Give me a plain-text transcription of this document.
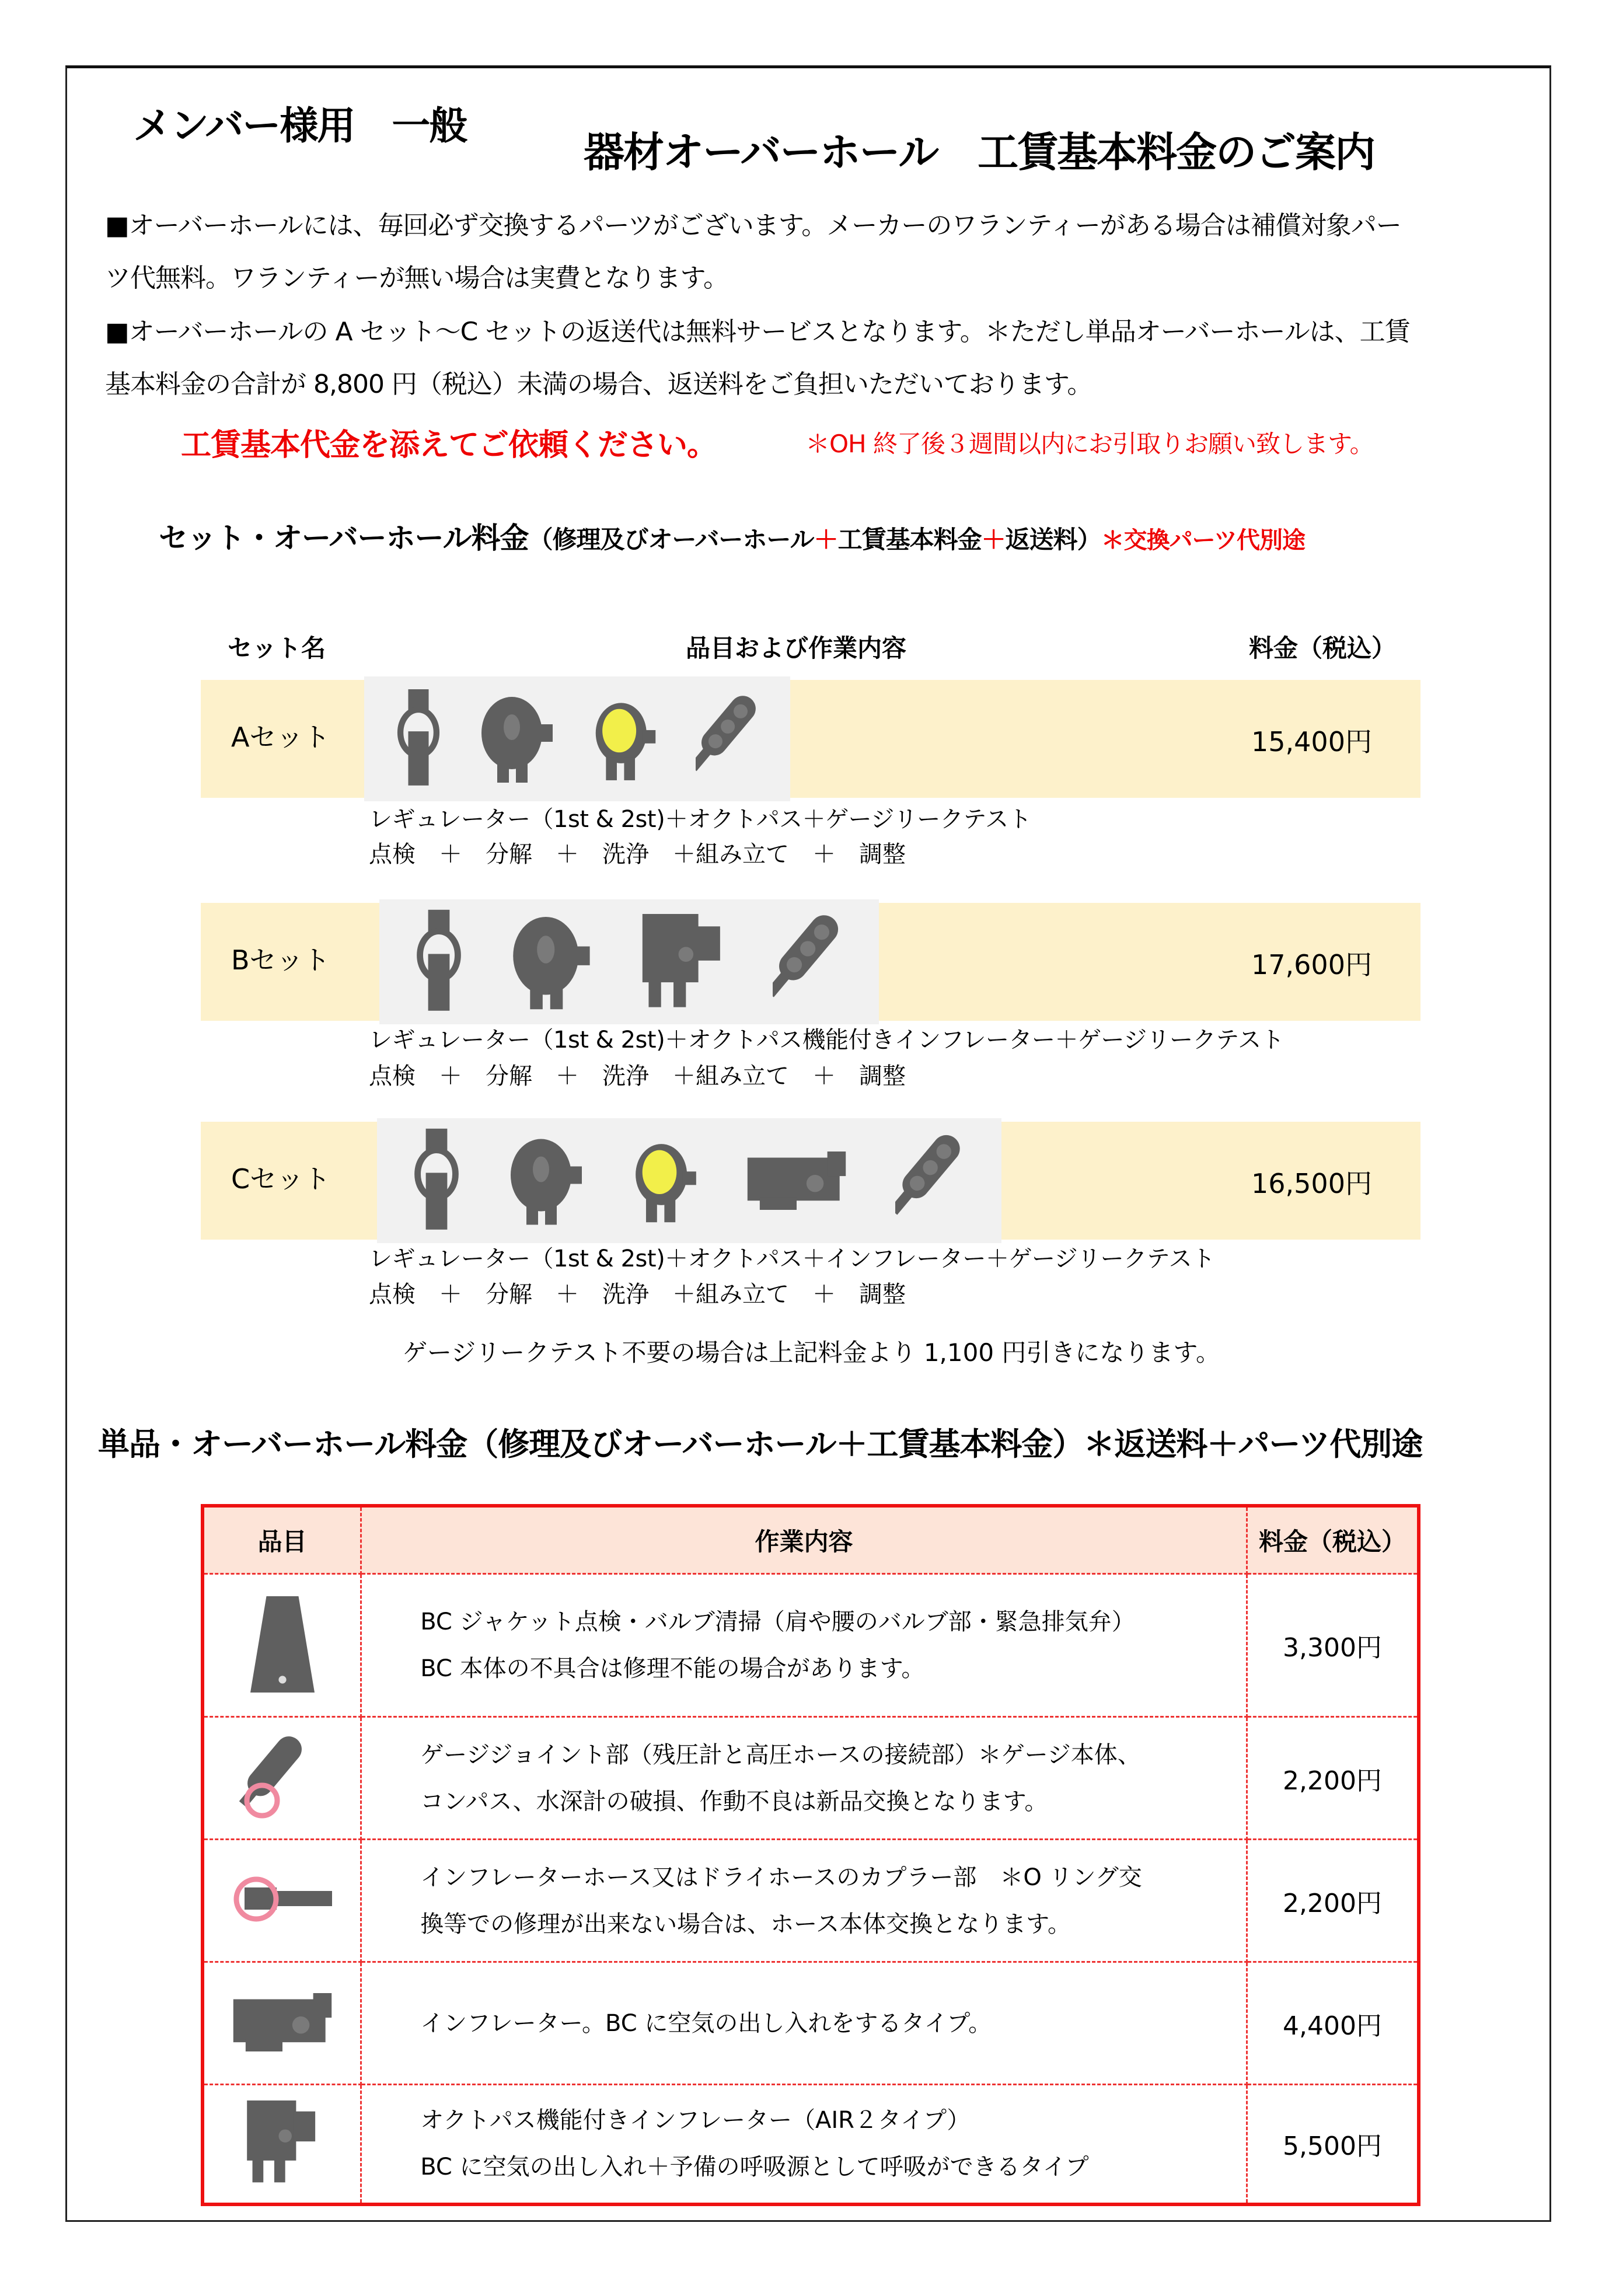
メンバー様用　一般
器材オーバーホール　工賃基本料金のご案内
■オーバーホールには、毎回必ず交換するパーツがございます。メーカーのワランティーがある場合は補償対象パー
ツ代無料。ワランティーが無い場合は実費となります。
■オーバーホールの A セット～C セットの返送代は無料サービスとなります。＊ただし単品オーバーホールは、工賃
基本料金の合計が 8,800 円（税込）未満の場合、返送料をご負担いただいております。
工賃基本代金を添えてご依頼ください。	＊OH 終了後３週間以内にお引取りお願い致します。
セット・オーバーホール料金（修理及びオーバーホール＋工賃基本料金＋返送料）＊交換パーツ代別途
セット名	品目および作業内容	料金（税込）
Aセット	15,400円
レギュレーター（1st & 2st)＋オクトパス＋ゲージリークテスト
点検　＋　分解　＋　洗浄　＋組み立て　＋　調整
Bセット	17,600円
レギュレーター（1st & 2st)＋オクトパス機能付きインフレーター＋ゲージリークテスト
点検　＋　分解　＋　洗浄　＋組み立て　＋　調整
Cセット	16,500円
レギュレーター（1st & 2st)＋オクトパス＋インフレーター＋ゲージリークテスト
点検　＋　分解　＋　洗浄　＋組み立て　＋　調整
ゲージリークテスト不要の場合は上記料金より 1,100 円引きになります。
単品・オーバーホール料金（修理及びオーバーホール＋工賃基本料金）＊返送料＋パーツ代別途
品目	作業内容	料金（税込）

BC ジャケット点検・バルブ清掃（肩や腰のバルブ部・緊急排気弁）
BC 本体の不具合は修理不能の場合があります。	3,300円

ゲージジョイント部（残圧計と高圧ホースの接続部）＊ゲージ本体、
コンパス、水深計の破損、作動不良は新品交換となります。	2,200円

インフレーターホース又はドライホースのカプラー部　＊O リング交
換等での修理が出来ない場合は、ホース本体交換となります。	2,200円

インフレーター。BC に空気の出し入れをするタイプ。	4,400円

オクトパス機能付きインフレーター（AIR２タイプ）
BC に空気の出し入れ＋予備の呼吸源として呼吸ができるタイプ	5,500円
